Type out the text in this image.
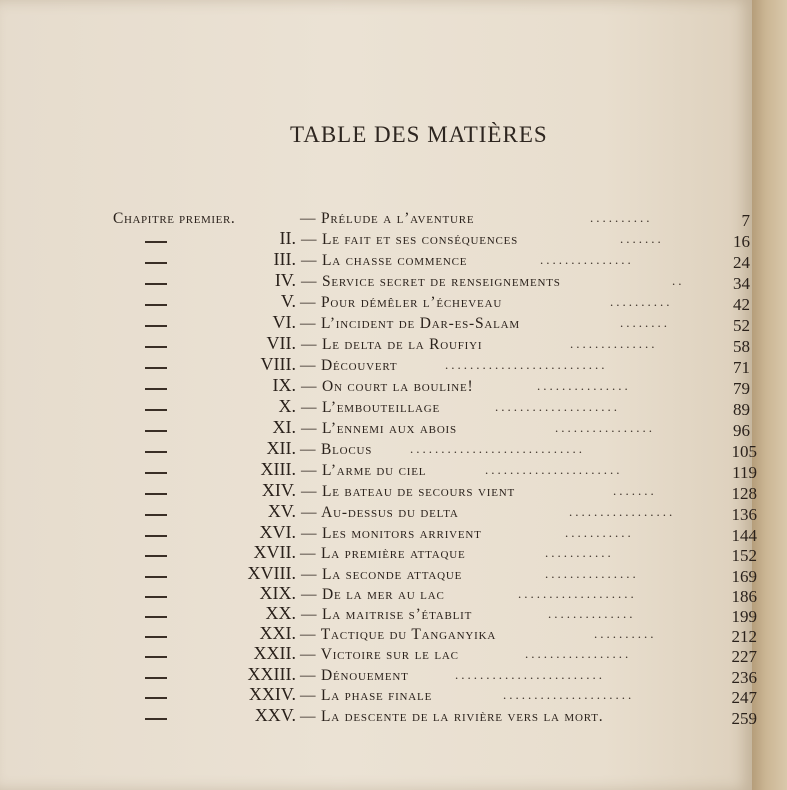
TABLE DES MATIÈRES
Chapitre premier.	— Prélude a l’aventure	..........	7
II. — Le fait et ses conséquences	.......	16
III. — La chasse commence	...............	24
IV. — Service secret de renseignements	..	34
V. — Pour démêler l’écheveau	..........	42
VI. — L’incident de Dar-es-Salam	........	52
VII. — Le delta de la Roufiyi	..............	58
VIII. — Découvert	..........................	71
IX. — On court la bouline!	...............	79
X. — L’embouteillage	....................	89
XI. — L’ennemi aux abois	................	96
XII. — Blocus	............................	105
XIII. — L’arme du ciel	......................	119
XIV. — Le bateau de secours vient	.......	128
XV. — Au-dessus du delta	.................	136
XVI. — Les monitors arrivent	...........	144
XVII. — La première attaque	...........	152
XVIII. — La seconde attaque	...............	169
XIX. — De la mer au lac	...................	186
XX. — La maitrise s’établit	..............	199
XXI. — Tactique du Tanganyika	..........	212
XXII. — Victoire sur le lac	.................	227
XXIII. — Dénouement	........................	236
XXIV. — La phase finale	.....................	247
XXV. — La descente de la rivière vers la mort.	259
